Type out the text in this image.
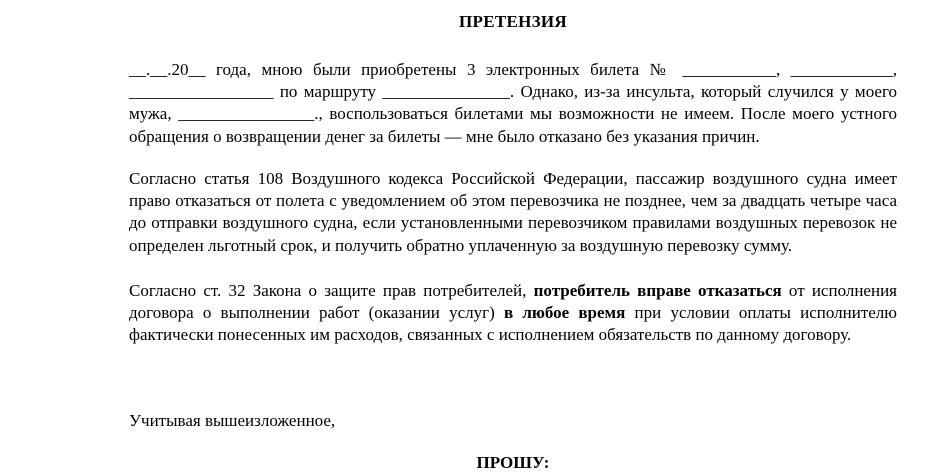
ПРЕТЕНЗИЯ
__.__.20__ года, мною были приобретены 3 электронных билета № ___________, ____________, _________________ по маршруту _______________. Однако, из-за инсульта, который случился у моего мужа, ________________., воспользоваться билетами мы возможности не имеем. После моего устного обращения о возвращении денег за билеты — мне было отказано без указания причин.
Согласно статья 108 Воздушного кодекса Российской Федерации, пассажир воздушного судна имеет право отказаться от полета с уведомлением об этом перевозчика не позднее, чем за двадцать четыре часа до отправки воздушного судна, если установленными перевозчиком правилами воздушных перевозок не определен льготный срок, и получить обратно уплаченную за воздушную перевозку сумму.
Согласно ст. 32 Закона о защите прав потребителей, потребитель вправе отказаться от исполнения договора о выполнении работ (оказании услуг) в любое время при условии оплаты исполнителю фактически понесенных им расходов, связанных с исполнением обязательств по данному договору.
Учитывая вышеизложенное,
ПРОШУ:
